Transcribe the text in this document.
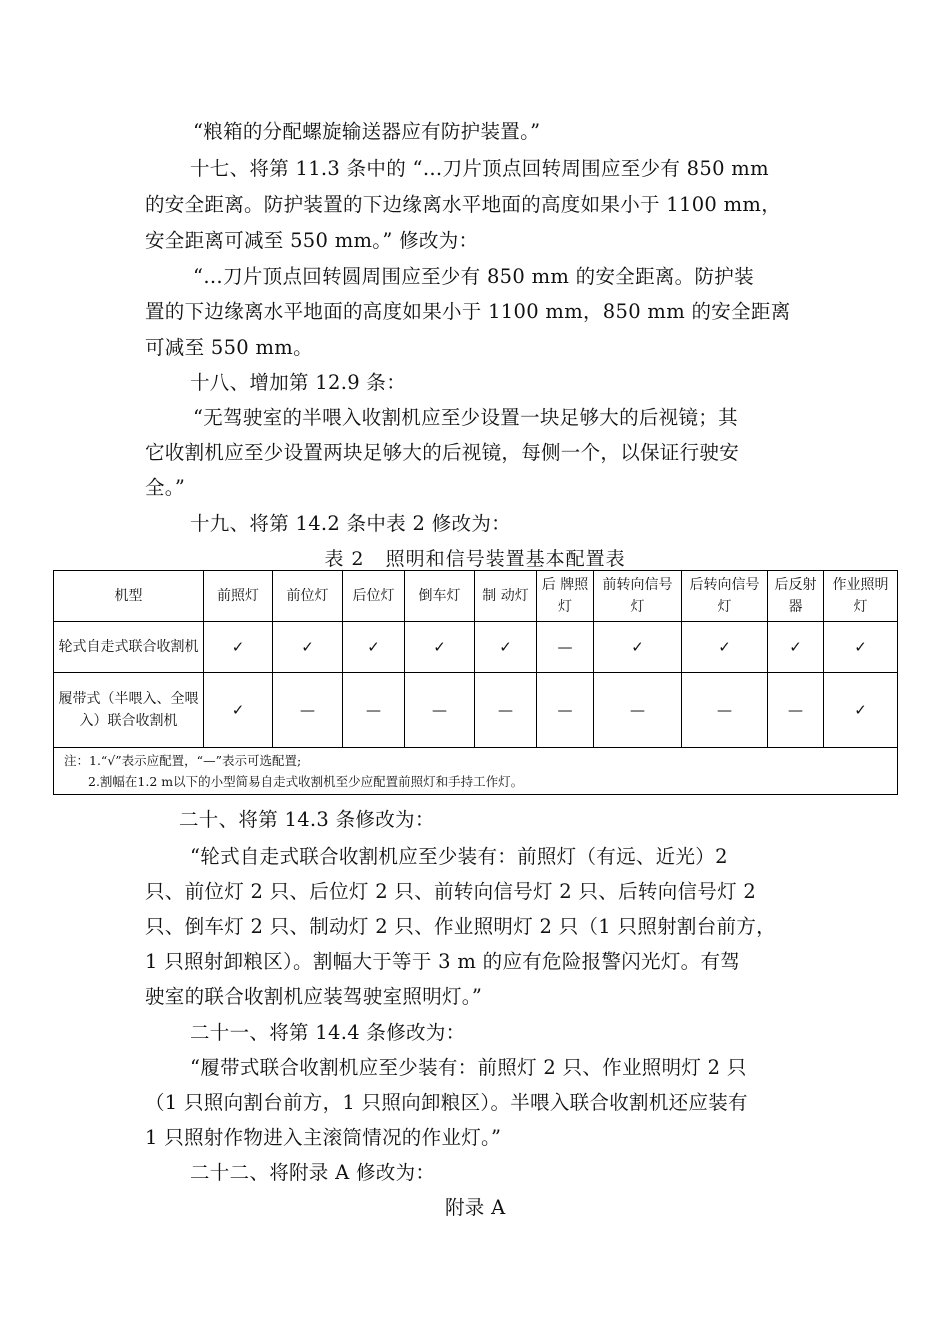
“粮箱的分配螺旋输送器应有防护装置。”
十七、将第 11.3 条中的 “…刀片顶点回转周围应至少有 850 mm
的安全距离。防护装置的下边缘离水平地面的高度如果小于 1100 mm，
安全距离可减至 550 mm。” 修改为：
“…刀片顶点回转圆周围应至少有 850 mm 的安全距离。防护装
置的下边缘离水平地面的高度如果小于 1100 mm，850 mm 的安全距离
可减至 550 mm。
十八、增加第 12.9 条：
“无驾驶室的半喂入收割机应至少设置一块足够大的后视镜；其
它收割机应至少设置两块足够大的后视镜，每侧一个，以保证行驶安
全。”
十九、将第 14.2 条中表 2 修改为：
表 2   照明和信号装置基本配置表
机型	前照灯	前位灯	后位灯	倒车灯	制 动灯	后 牌照灯	前转向信号灯	后转向信号灯	后反射器	作业照明灯
轮式自走式联合收割机	✓	✓	✓	✓	✓	—	✓	✓	✓	✓
履带式（半喂入、全喂入）联合收割机	✓	—	—	—	—	—	—	—	—	✓

注：1.“√”表示应配置，“—”表示可选配置;
2.割幅在1.2 m以下的小型简易自走式收割机至少应配置前照灯和手持工作灯。										
二十、将第 14.3 条修改为：
“轮式自走式联合收割机应至少装有：前照灯（有远、近光）2
只、前位灯 2 只、后位灯 2 只、前转向信号灯 2 只、后转向信号灯 2
只、倒车灯 2 只、制动灯 2 只、作业照明灯 2 只（1 只照射割台前方，
1 只照射卸粮区）。割幅大于等于 3 m 的应有危险报警闪光灯。有驾
驶室的联合收割机应装驾驶室照明灯。”
二十一、将第 14.4 条修改为：
“履带式联合收割机应至少装有：前照灯 2 只、作业照明灯 2 只
（1 只照向割台前方，1 只照向卸粮区）。半喂入联合收割机还应装有
1 只照射作物进入主滚筒情况的作业灯。”
二十二、将附录 A 修改为：
附录 A
